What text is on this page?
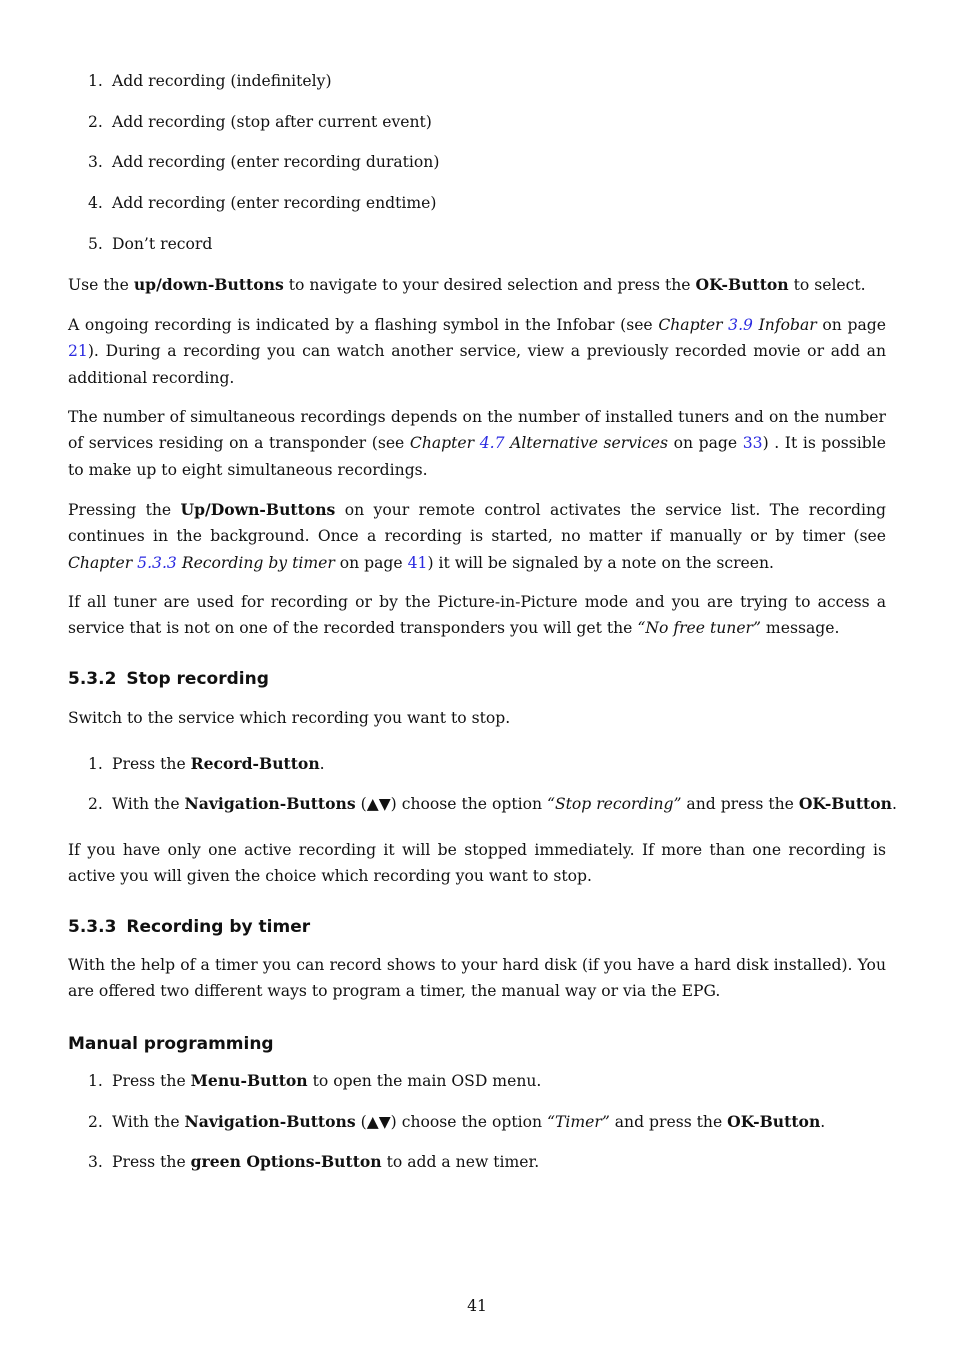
1. Add recording (indefinitely)
2. Add recording (stop after current event)
3. Add recording (enter recording duration)
4. Add recording (enter recording endtime)
5. Don’t record

Use the up/down-Buttons to navigate to your desired selection and press the OK-Button to select.

A ongoing recording is indicated by a flashing symbol in the Infobar (see Chapter 3.9 Infobar on page 21). During a recording you can watch another service, view a previously recorded movie or add an additional recording.

The number of simultaneous recordings depends on the number of installed tuners and on the number of services residing on a transponder (see Chapter 4.7 Alternative services on page 33) . It is possible to make up to eight simultaneous recordings.

Pressing the Up/Down-Buttons on your remote control activates the service list. The recording continues in the background. Once a recording is started, no matter if manually or by timer (see Chapter 5.3.3 Recording by timer on page 41) it will be signaled by a note on the screen.

If all tuner are used for recording or by the Picture-in-Picture mode and you are trying to access a service that is not on one of the recorded transponders you will get the “No free tuner” message.

5.3.2 Stop recording

Switch to the service which recording you want to stop.

1. Press the Record-Button.
2. With the Navigation-Buttons (▲▼) choose the option “Stop recording” and press the OK-Button.

If you have only one active recording it will be stopped immediately. If more than one recording is active you will given the choice which recording you want to stop.

5.3.3 Recording by timer

With the help of a timer you can record shows to your hard disk (if you have a hard disk installed). You are offered two different ways to program a timer, the manual way or via the EPG.

Manual programming
1. Press the Menu-Button to open the main OSD menu.
2. With the Navigation-Buttons (▲▼) choose the option “Timer” and press the OK-Button.
3. Press the green Options-Button to add a new timer.
41
